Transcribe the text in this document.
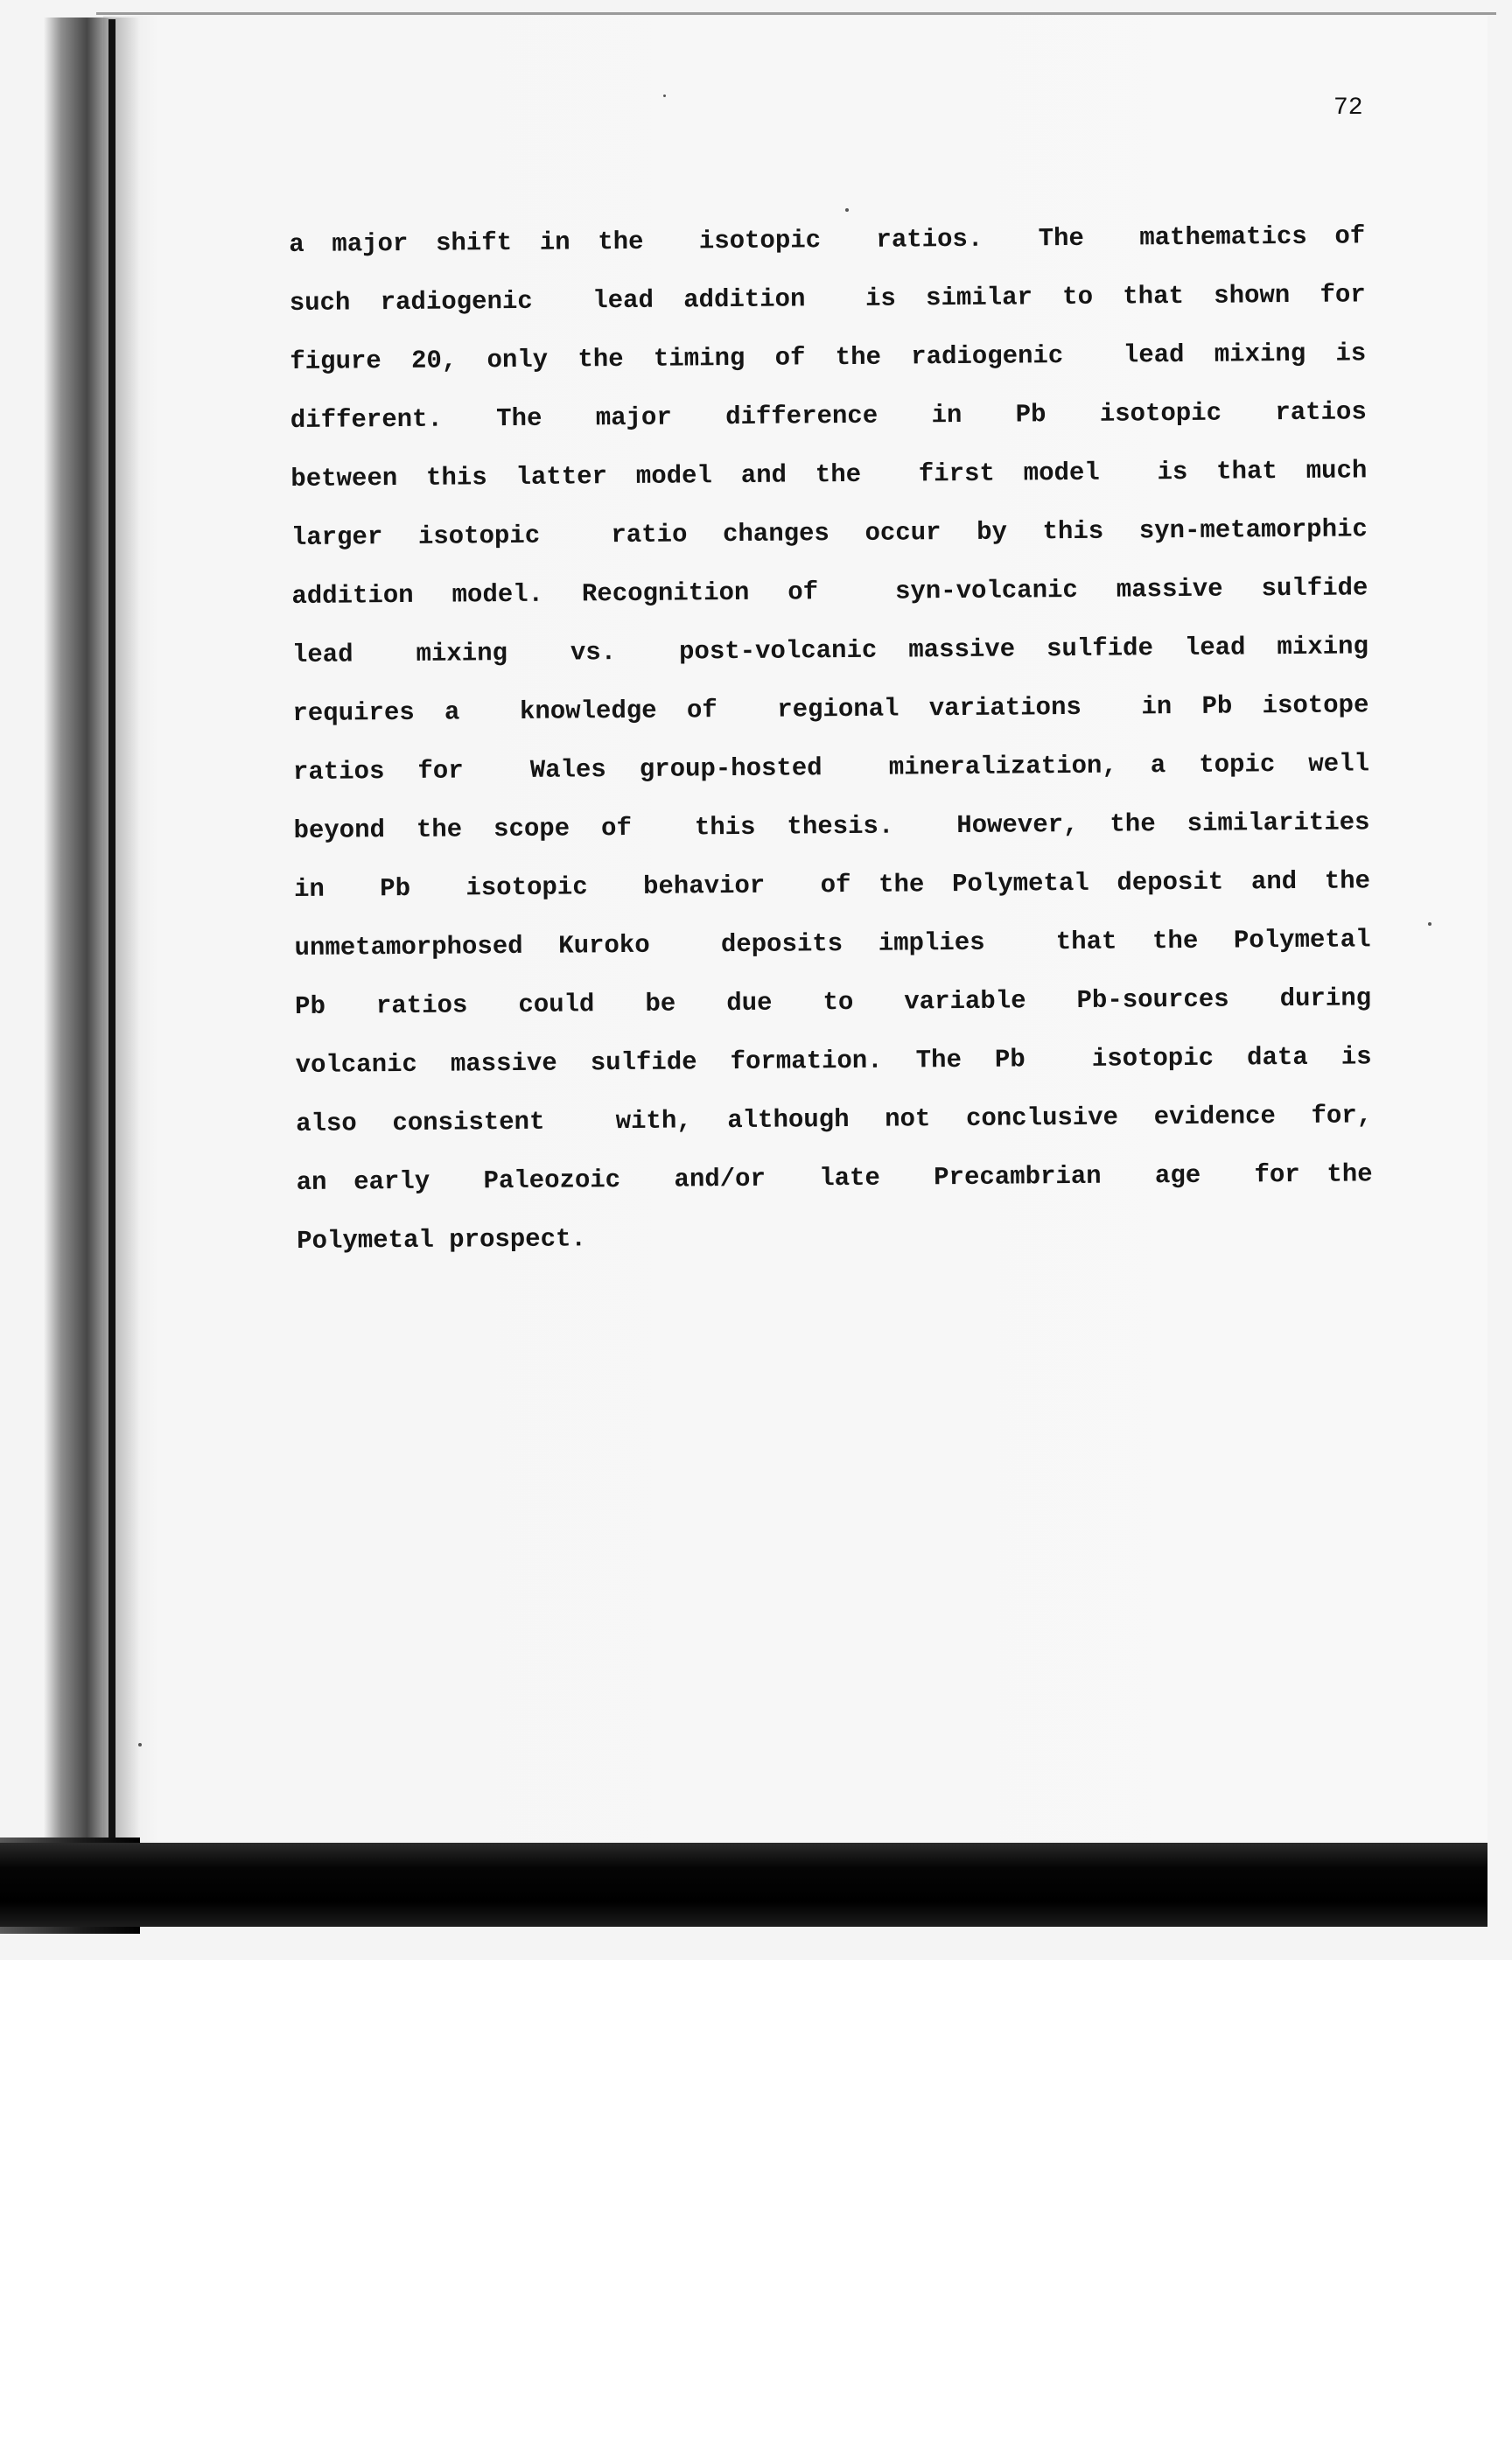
72
a major shift in the  isotopic  ratios.  The  mathematics of
such radiogenic  lead addition  is similar to that shown for
figure 20, only the timing of the radiogenic  lead mixing is
different.  The  major  difference  in  Pb  isotopic  ratios
between this latter model and the  first model  is that much
larger isotopic  ratio changes occur by this syn-metamorphic
addition model. Recognition of  syn-volcanic massive sulfide
lead  mixing  vs.  post-volcanic massive sulfide lead mixing
requires a  knowledge of  regional variations  in Pb isotope
ratios for  Wales group-hosted  mineralization, a topic well
beyond the scope of  this thesis.  However, the similarities
in  Pb  isotopic  behavior  of the Polymetal deposit and the
unmetamorphosed Kuroko  deposits implies  that the Polymetal
Pb  ratios  could  be  due  to  variable  Pb-sources  during
volcanic massive sulfide formation. The Pb  isotopic data is
also consistent  with, although not conclusive evidence for,
an early  Paleozoic  and/or  late  Precambrian  age  for the
Polymetal prospect.
